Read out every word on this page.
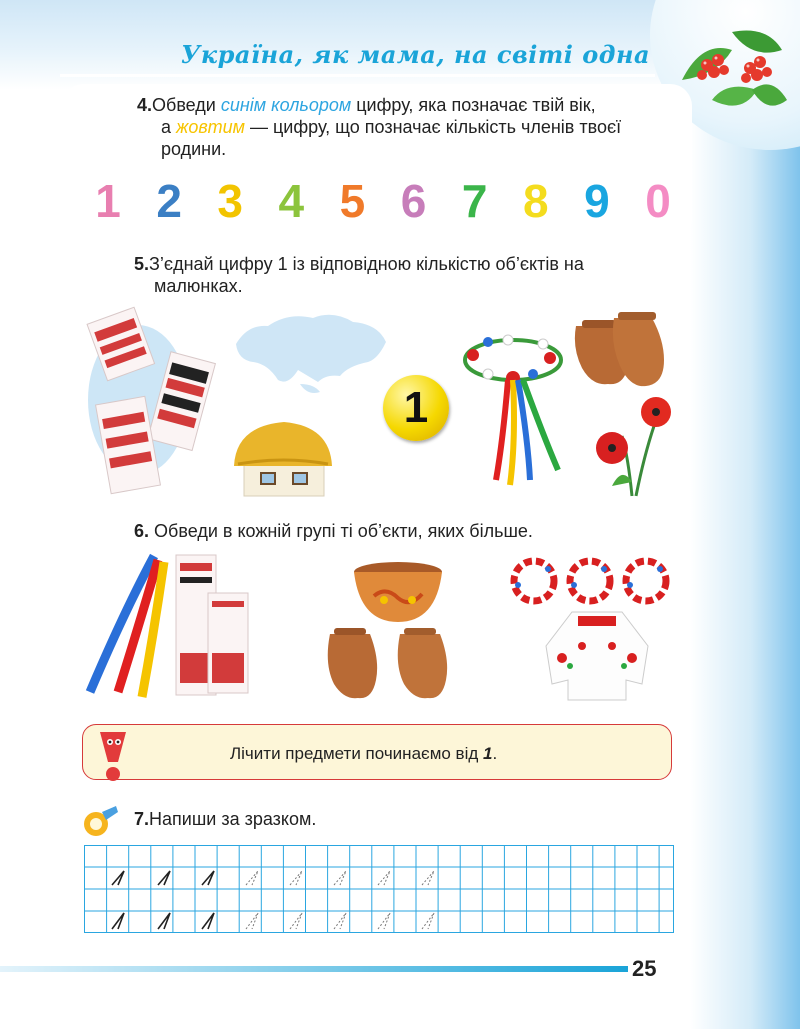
Україна, як мама, на світі одна
4.Обведи синім кольором цифру, яка позначає твій вік,
а жовтим — цифру, що позначає кількість членів твоєї
родини.
1 2 3 4 5 6 7 8 9 0
5.З’єднай цифру 1 із відповідною кількістю об’єктів на
малюнках.
1
6. Обведи в кожній групі ті об’єкти, яких більше.
Лічити предмети починаємо від 1.
7.Напиши за зразком.
25
